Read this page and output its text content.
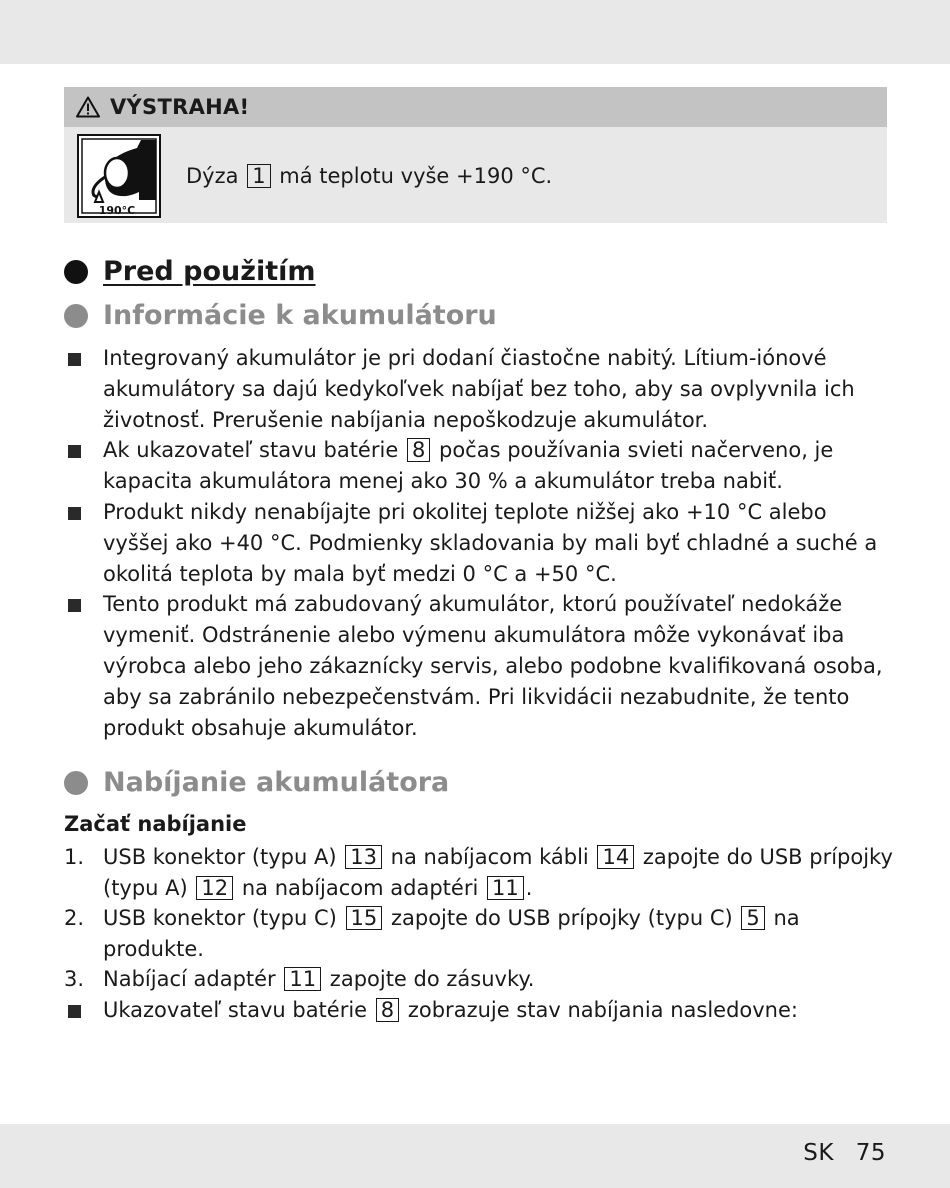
VÝSTRAHA!
190°C
Dýza 1 má teplotu vyše +190 °C.
Pred použitím
Informácie k akumulátoru
Integrovaný akumulátor je pri dodaní čiastočne nabitý. Lítium-iónové akumulátory sa dajú kedykoľvek nabíjať bez toho, aby sa ovplyvnila ich životnosť. Prerušenie nabíjania nepoškodzuje akumulátor.
Ak ukazovateľ stavu batérie 8 počas používania svieti načerveno, je kapacita akumulátora menej ako 30 % a akumulátor treba nabiť.
Produkt nikdy nenabíjajte pri okolitej teplote nižšej ako +10 °C alebo vyššej ako +40 °C. Podmienky skladovania by mali byť chladné a suché a okolitá teplota by mala byť medzi 0 °C a +50 °C.
Tento produkt má zabudovaný akumulátor, ktorú používateľ nedokáže vymeniť. Odstránenie alebo výmenu akumulátora môže vykonávať iba výrobca alebo jeho zákaznícky servis, alebo podobne kvalifikovaná osoba, aby sa zabránilo nebezpečenstvám. Pri likvidácii nezabudnite, že tento produkt obsahuje akumulátor.
Nabíjanie akumulátora
Začať nabíjanie
1. USB konektor (typu A) 13 na nabíjacom kábli 14 zapojte do USB prípojky (typu A) 12 na nabíjacom adaptéri 11 .
2. USB konektor (typu C) 15 zapojte do USB prípojky (typu C) 5 na produkte.
3. Nabíjací adaptér 11 zapojte do zásuvky.
Ukazovateľ stavu batérie 8 zobrazuje stav nabíjania nasledovne:
SK 75
